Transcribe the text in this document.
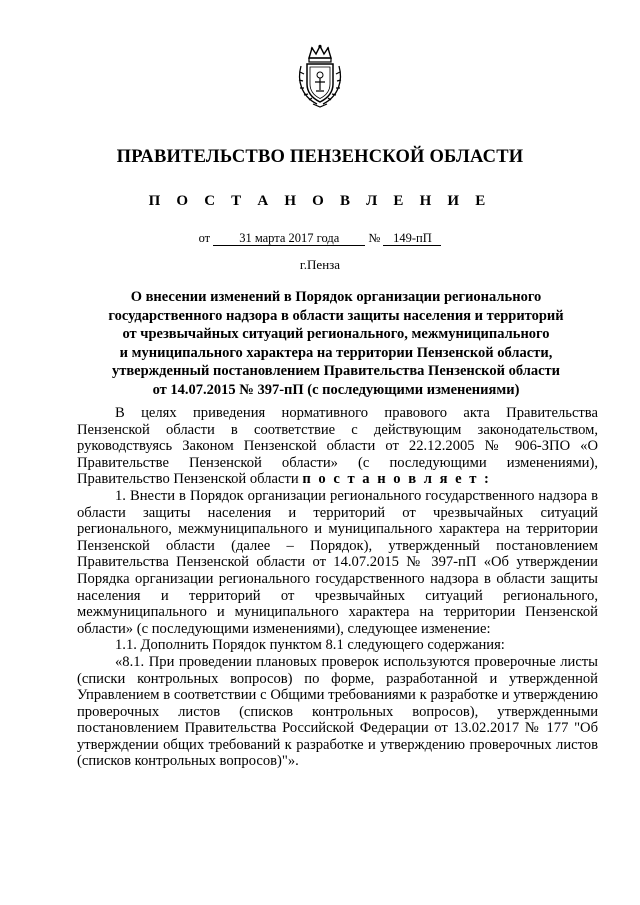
ПРАВИТЕЛЬСТВО ПЕНЗЕНСКОЙ ОБЛАСТИ
П О С Т А Н О В Л Е Н И Е
от 31 марта 2017 года № 149-пП
г.Пенза
О внесении изменений в Порядок организации регионального
государственного надзора в области защиты населения и территорий
от чрезвычайных ситуаций регионального, межмуниципального
и муниципального характера на территории Пензенской области,
утвержденный постановлением Правительства Пензенской области
от 14.07.2015 № 397-пП (с последующими изменениями)

В целях приведения нормативного правового акта Правительства Пензенской области в соответствие с действующим законодательством, руководствуясь Законом Пензенской области от 22.12.2005 № 906-ЗПО «О Правительстве Пензенской области» (с последующими изменениями), Правительство Пензенской области п о с т а н о в л я е т :

1. Внести в Порядок организации регионального государственного надзора в области защиты населения и территорий от чрезвычайных ситуаций регионального, межмуниципального и муниципального характера на территории Пензенской области (далее – Порядок), утвержденный постановлением Правительства Пензенской области от 14.07.2015 № 397-пП «Об утверждении Порядка организации регионального государственного надзора в области защиты населения и территорий от чрезвычайных ситуаций регионального, межмуниципального и муниципального характера на территории Пензенской области» (с последующими изменениями), следующее изменение:

1.1. Дополнить Порядок пунктом 8.1 следующего содержания:

«8.1. При проведении плановых проверок используются проверочные листы (списки контрольных вопросов) по форме, разработанной и утвержденной Управлением в соответствии с Общими требованиями к разработке и утверждению проверочных листов (списков контрольных вопросов), утвержденными постановлением Правительства Российской Федерации от 13.02.2017 № 177 "Об утверждении общих требований к разработке и утверждению проверочных листов (списков контрольных вопросов)"».
